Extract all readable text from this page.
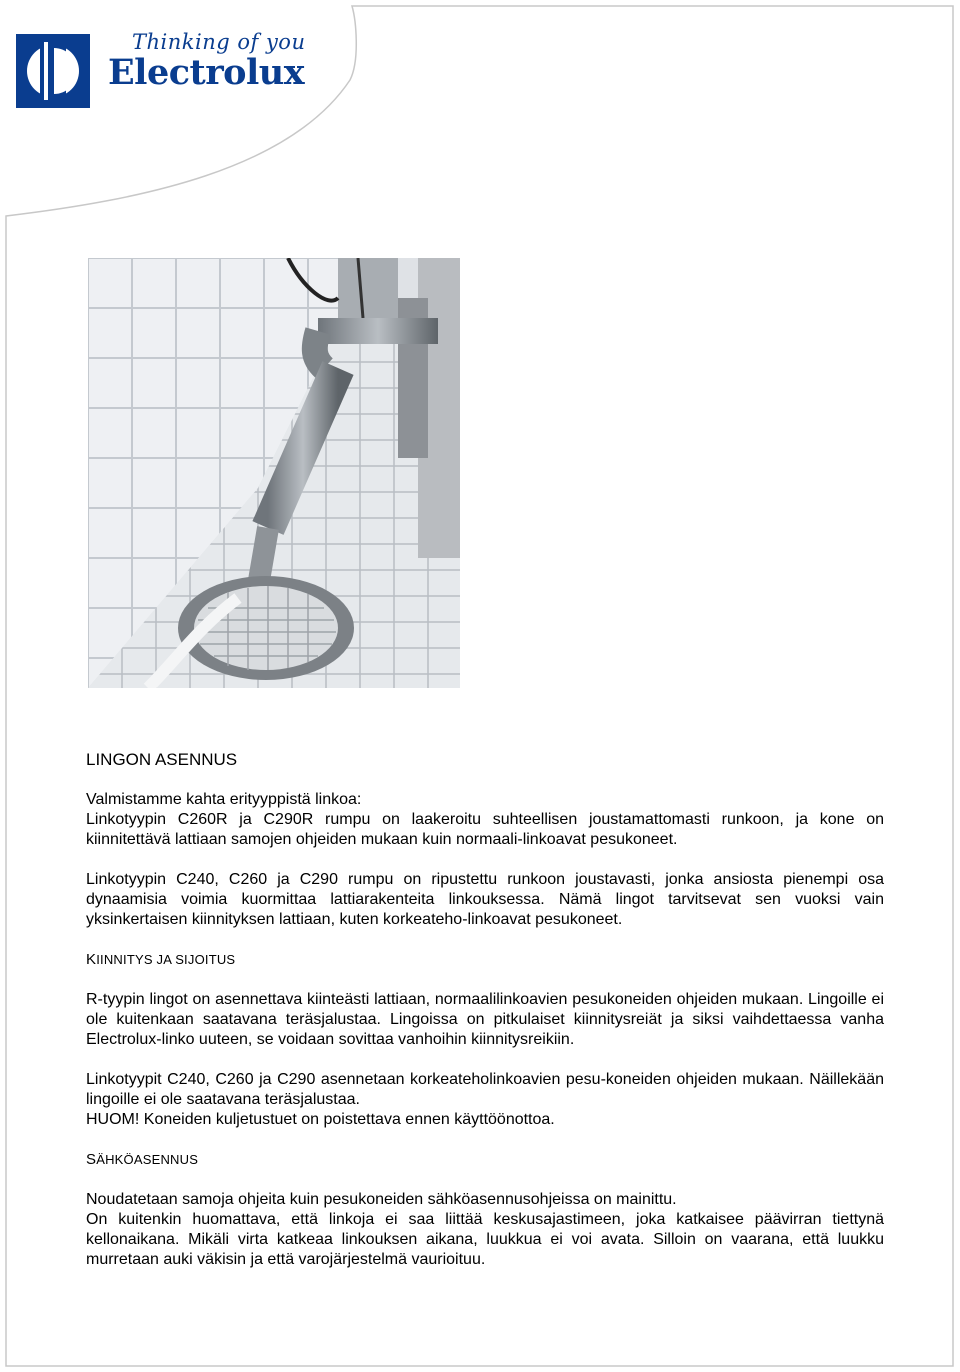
Thinking of you
Electrolux

LINGON ASENNUS

Valmistamme kahta erityyppistä linkoa:

Linkotyypin C260R ja C290R rumpu on laakeroitu suhteellisen joustamattomasti runkoon, ja kone on kiinnitettävä lattiaan samojen ohjeiden mukaan kuin normaali-linkoavat pesukoneet.

Linkotyypin C240, C260 ja C290 rumpu on ripustettu runkoon joustavasti, jonka ansiosta pienempi osa dynaamisia voimia kuormittaa lattiarakenteita linkouksessa. Nämä lingot tarvitsevat sen vuoksi vain yksinkertaisen kiinnityksen lattiaan, kuten korkeateho-linkoavat pesukoneet.

KIINNITYS JA SIJOITUS

R-tyypin lingot on asennettava kiinteästi lattiaan, normaalilinkoavien pesukoneiden ohjeiden mukaan. Lingoille ei ole kuitenkaan saatavana teräsjalustaa. Lingoissa on pitkulaiset kiinnitysreiät ja siksi vaihdettaessa vanha Electrolux-linko uuteen, se voidaan sovittaa vanhoihin kiinnitysreikiin.

Linkotyypit C240, C260 ja C290 asennetaan korkeateholinkoavien pesu-koneiden ohjeiden mukaan. Näillekään lingoille ei ole saatavana teräsjalustaa.

HUOM! Koneiden kuljetustuet on poistettava ennen käyttöönottoa.

SÄHKÖASENNUS

Noudatetaan samoja ohjeita kuin pesukoneiden sähköasennusohjeissa on mainittu.

On kuitenkin huomattava, että linkoja ei saa liittää keskusajastimeen, joka katkaisee päävirran tiettynä kellonaikana. Mikäli virta katkeaa linkouksen aikana, luukkua ei voi avata. Silloin on vaarana, että luukku murretaan auki väkisin ja että varojärjestelmä vaurioituu.
